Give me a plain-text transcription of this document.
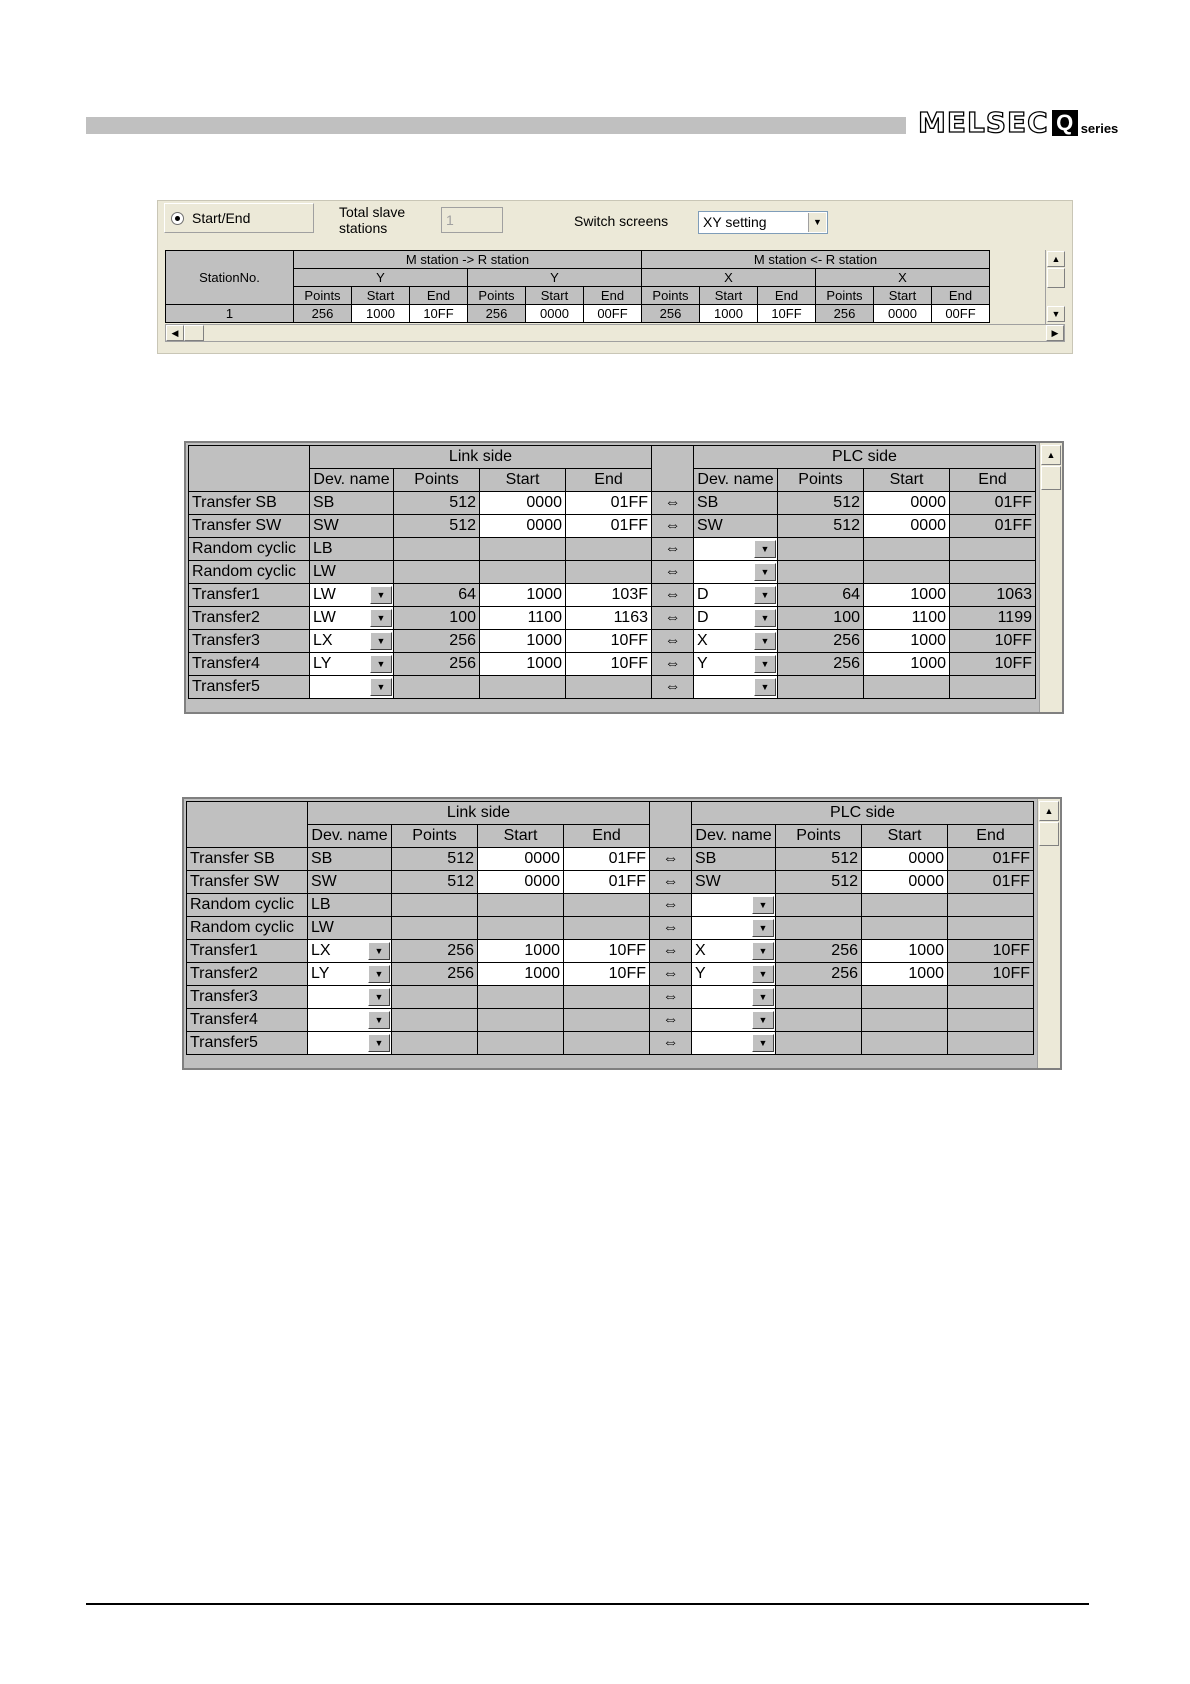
MELSEC Q series
Start/End	Total slave stations	1	Switch screens	XY setting	▼
StationNo.	M station -> R station						M station <- R station					
	Y			Y			X			X		
	Points	Start	End	Points	Start	End	Points	Start	End	Points	Start	End
1	256	1000	10FF	256	0000	00FF	256	1000	10FF	256	0000	00FF
▲
▼
◀	▶
	Link side					PLC side			
	Dev. name	Points	Start	End		Dev. name	Points	Start	End
Transfer SB	SB	512	0000	01FF	⇔	SB	512	0000	01FF
Transfer SW	SW	512	0000	01FF	⇔	SW	512	0000	01FF
Random cyclic	LB				⇔	▼			

Random cyclic	LW				⇔	▼			

Transfer1	LW ▼	64	1000	103F	⇔	D ▼	64	1000	1063
Transfer2	LW ▼	100	1100	1163	⇔	D ▼	100	1100	1199
Transfer3	LX ▼	256	1000	10FF	⇔	X ▼	256	1000	10FF
Transfer4	LY ▼	256	1000	10FF	⇔	Y ▼	256	1000	10FF
Transfer5	▼				⇔	▼			

▲
	Link side					PLC side			
	Dev. name	Points	Start	End		Dev. name	Points	Start	End
Transfer SB	SB	512	0000	01FF	⇔	SB	512	0000	01FF
Transfer SW	SW	512	0000	01FF	⇔	SW	512	0000	01FF
Random cyclic	LB				⇔	▼			

Random cyclic	LW				⇔	▼			

Transfer1	LX ▼	256	1000	10FF	⇔	X ▼	256	1000	10FF
Transfer2	LY ▼	256	1000	10FF	⇔	Y ▼	256	1000	10FF
Transfer3	▼				⇔	▼			

Transfer4	▼				⇔	▼			

Transfer5	▼				⇔	▼			

▲
